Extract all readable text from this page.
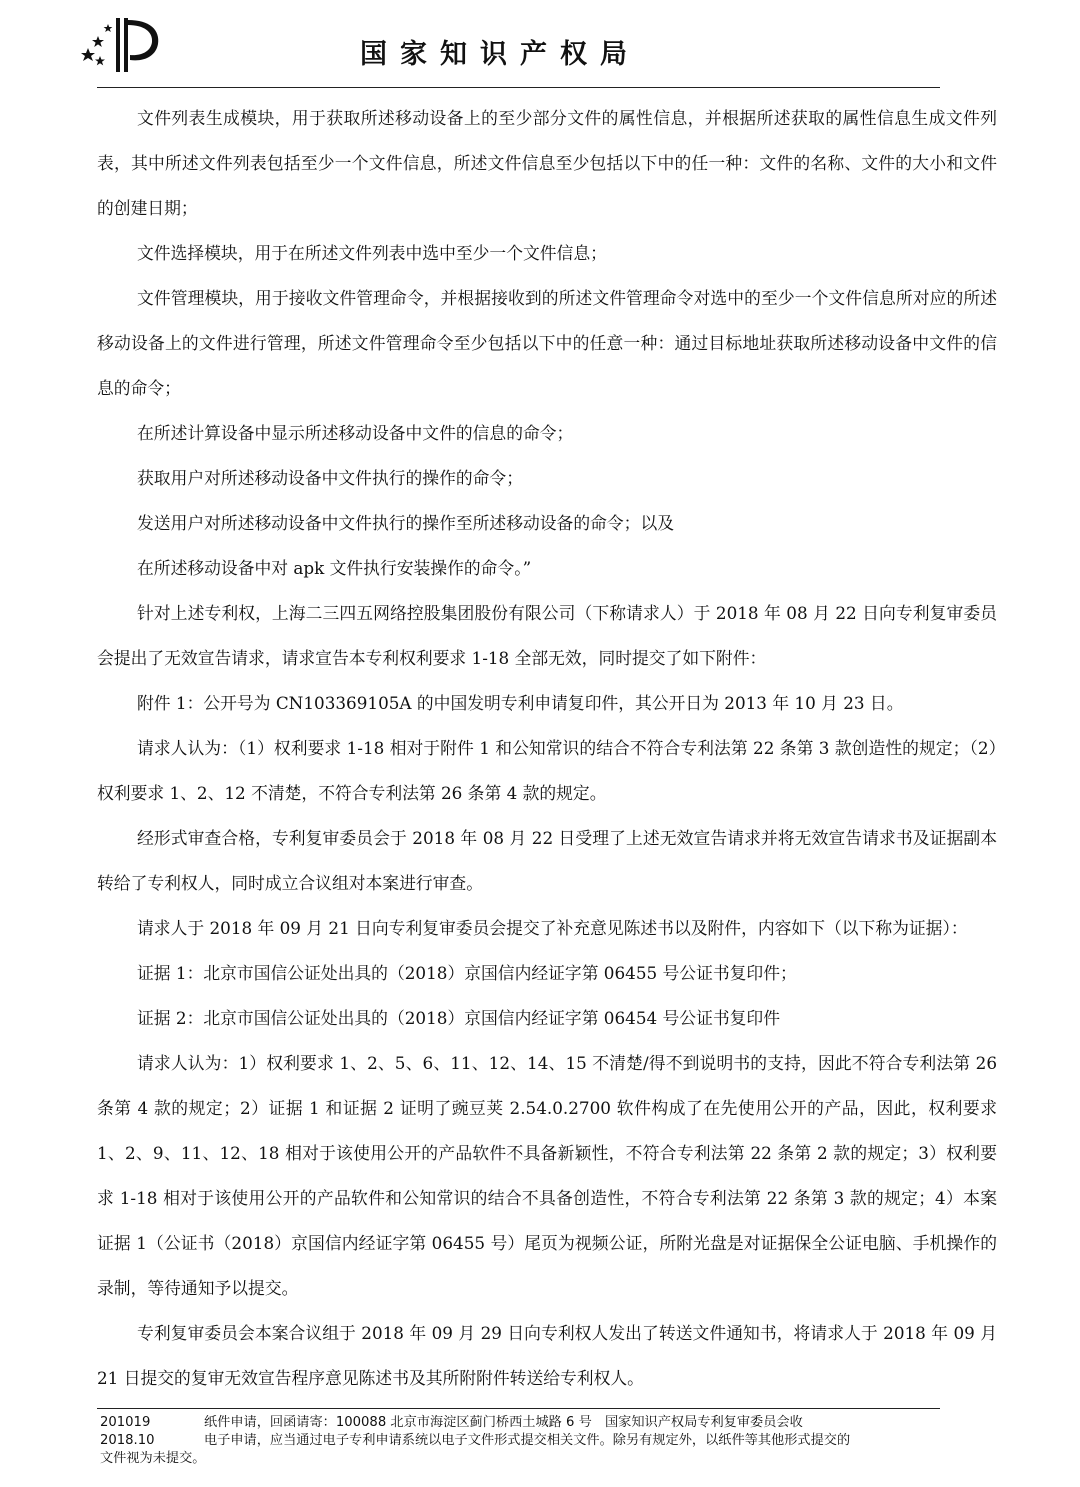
国家知识产权局

文件列表生成模块，用于获取所述移动设备上的至少部分文件的属性信息，并根据所述获取的属性信息生成文件列表，其中所述文件列表包括至少一个文件信息，所述文件信息至少包括以下中的任一种：文件的名称、文件的大小和文件的创建日期；

文件选择模块，用于在所述文件列表中选中至少一个文件信息；

文件管理模块，用于接收文件管理命令，并根据接收到的所述文件管理命令对选中的至少一个文件信息所对应的所述移动设备上的文件进行管理，所述文件管理命令至少包括以下中的任意一种：通过目标地址获取所述移动设备中文件的信息的命令；

在所述计算设备中显示所述移动设备中文件的信息的命令；

获取用户对所述移动设备中文件执行的操作的命令；

发送用户对所述移动设备中文件执行的操作至所述移动设备的命令；以及

在所述移动设备中对 apk 文件执行安装操作的命令。”

针对上述专利权，上海二三四五网络控股集团股份有限公司（下称请求人）于 2018 年 08 月 22 日向专利复审委员会提出了无效宣告请求，请求宣告本专利权利要求 1-18 全部无效，同时提交了如下附件：

附件 1：公开号为 CN103369105A 的中国发明专利申请复印件，其公开日为 2013 年 10 月 23 日。

请求人认为：（1）权利要求 1-18 相对于附件 1 和公知常识的结合不符合专利法第 22 条第 3 款创造性的规定；（2）权利要求 1、2、12 不清楚，不符合专利法第 26 条第 4 款的规定。

经形式审查合格，专利复审委员会于 2018 年 08 月 22 日受理了上述无效宣告请求并将无效宣告请求书及证据副本转给了专利权人，同时成立合议组对本案进行审查。

请求人于 2018 年 09 月 21 日向专利复审委员会提交了补充意见陈述书以及附件，内容如下（以下称为证据）：

证据 1：北京市国信公证处出具的（2018）京国信内经证字第 06455 号公证书复印件；

证据 2：北京市国信公证处出具的（2018）京国信内经证字第 06454 号公证书复印件

请求人认为：1）权利要求 1、2、5、6、11、12、14、15 不清楚/得不到说明书的支持，因此不符合专利法第 26 条第 4 款的规定；2）证据 1 和证据 2 证明了豌豆荚 2.54.0.2700 软件构成了在先使用公开的产品，因此，权利要求 1、2、9、11、12、18 相对于该使用公开的产品软件不具备新颖性，不符合专利法第 22 条第 2 款的规定；3）权利要求 1-18 相对于该使用公开的产品软件和公知常识的结合不具备创造性，不符合专利法第 22 条第 3 款的规定；4）本案证据 1（公证书（2018）京国信内经证字第 06455 号）尾页为视频公证，所附光盘是对证据保全公证电脑、手机操作的录制，等待通知予以提交。

专利复审委员会本案合议组于 2018 年 09 月 29 日向专利权人发出了转送文件通知书，将请求人于 2018 年 09 月 21 日提交的复审无效宣告程序意见陈述书及其所附附件转送给专利权人。

201019	纸件申请，回函请寄：100088 北京市海淀区蓟门桥西土城路 6 号　国家知识产权局专利复审委员会收
2018.10	电子申请，应当通过电子专利申请系统以电子文件形式提交相关文件。除另有规定外，以纸件等其他形式提交的
文件视为未提交。
